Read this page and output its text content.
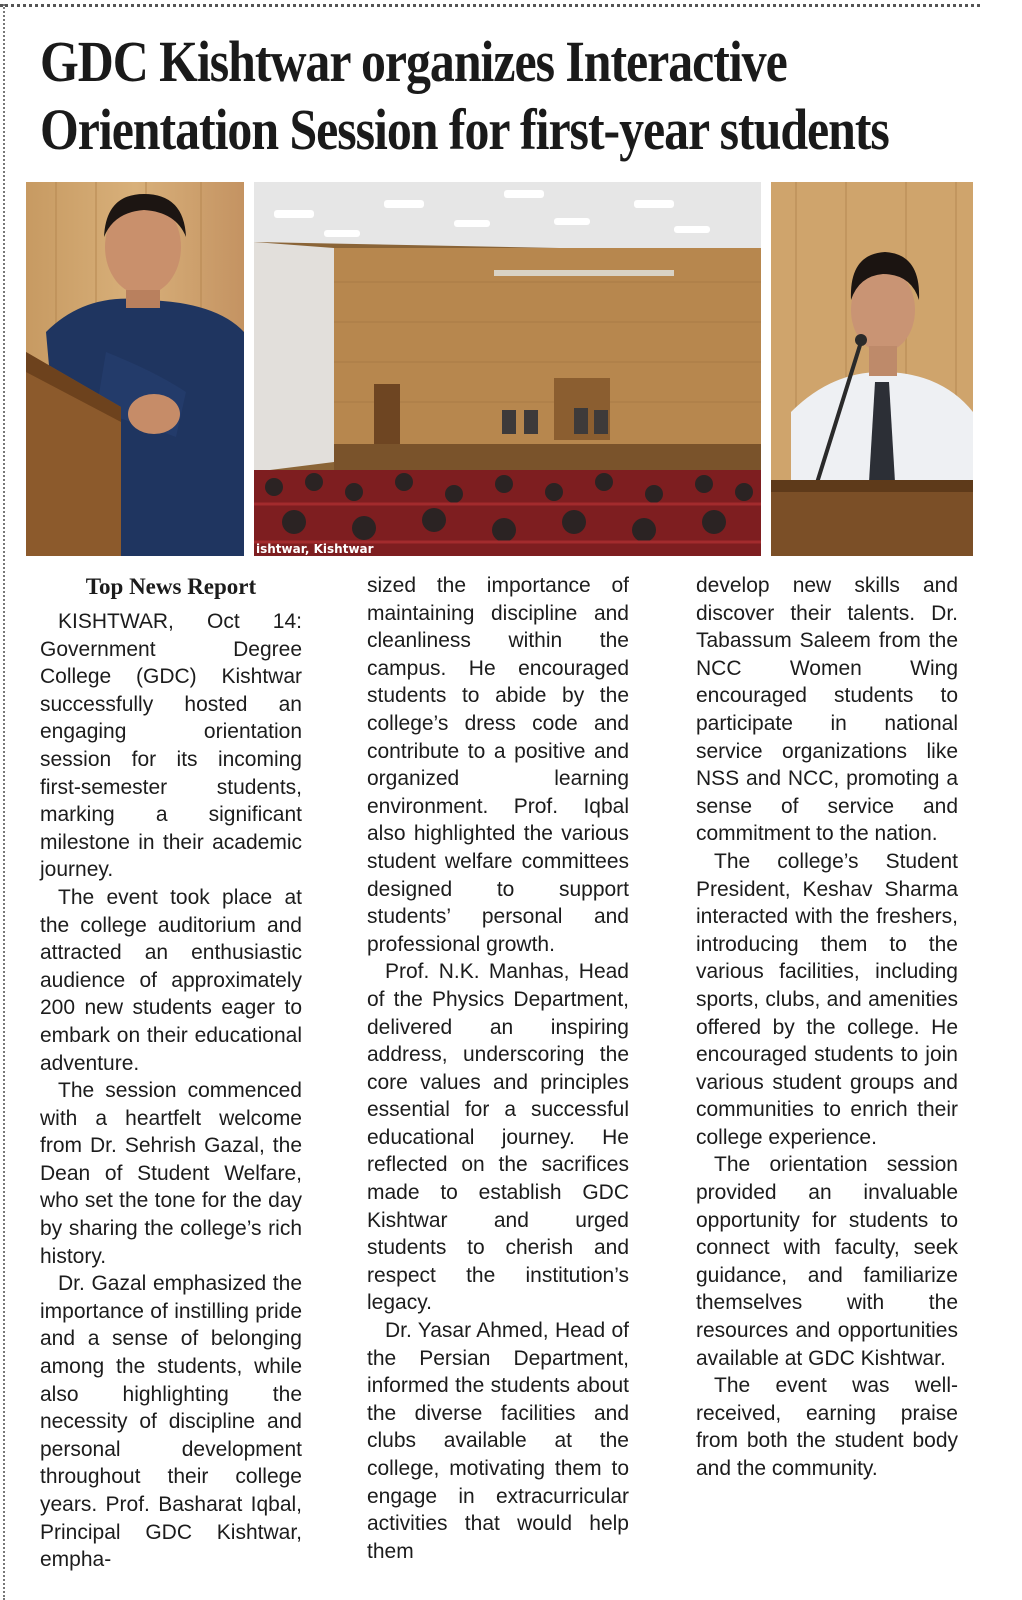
GDC Kishtwar organizes Interactive
Orientation Session for first-year students
ishtwar, Kishtwar
Top News Report

KISHTWAR, Oct 14: Government Degree College (GDC) Kishtwar successfully hosted an engaging orientation session for its incoming first-semester students, marking a significant milestone in their academic journey.

The event took place at the college auditorium and attracted an enthusiastic audience of approximately 200 new students eager to embark on their educational adventure.

The session commenced with a heartfelt welcome from Dr. Sehrish Gazal, the Dean of Student Welfare, who set the tone for the day by sharing the college’s rich history.

Dr. Gazal emphasized the importance of instilling pride and a sense of belonging among the students, while also highlighting the necessity of discipline and personal development throughout their college years. Prof. Basharat Iqbal, Principal GDC Kishtwar, empha-

sized the importance of maintaining discipline and cleanliness within the campus. He encouraged students to abide by the college’s dress code and contribute to a positive and organized learning environment. Prof. Iqbal also highlighted the various student welfare committees designed to support students’ personal and professional growth.

Prof. N.K. Manhas, Head of the Physics Department, delivered an inspiring address, underscoring the core values and principles essential for a successful educational journey. He reflected on the sacrifices made to establish GDC Kishtwar and urged students to cherish and respect the institution’s legacy.

Dr. Yasar Ahmed, Head of the Persian Department, informed the students about the diverse facilities and clubs available at the college, motivating them to engage in extracurricular activities that would help them

develop new skills and discover their talents. Dr. Tabassum Saleem from the NCC Women Wing encouraged students to participate in national service organizations like NSS and NCC, promoting a sense of service and commitment to the nation.

The college’s Student President, Keshav Sharma interacted with the freshers, introducing them to the various facilities, including sports, clubs, and amenities offered by the college. He encouraged students to join various student groups and communities to enrich their college experience.

The orientation session provided an invaluable opportunity for students to connect with faculty, seek guidance, and familiarize themselves with the resources and opportunities available at GDC Kishtwar.

The event was well-received, earning praise from both the student body and the community.
